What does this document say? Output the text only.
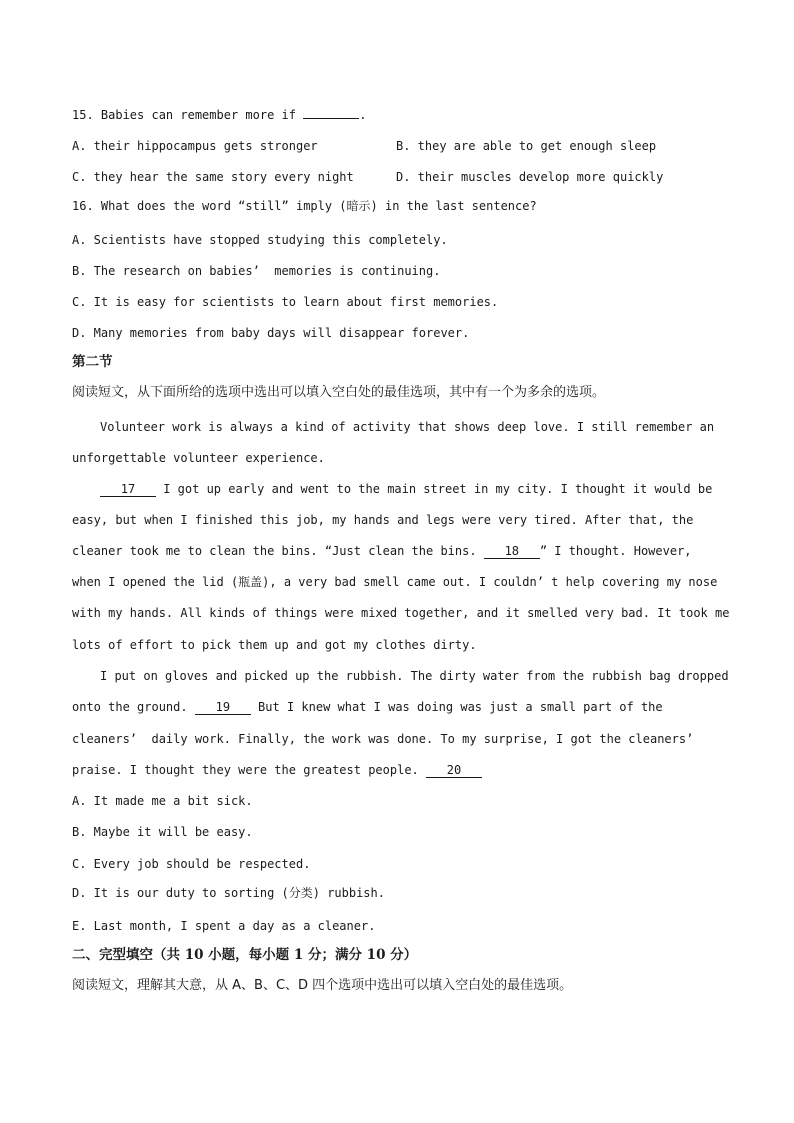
15. Babies can remember more if	.
A. their hippocampus gets stronger	B. they are able to get enough sleep
C. they hear the same story every night	D. their muscles develop more quickly
16. What does the word “still” imply (暗示) in the last sentence?
A. Scientists have stopped studying this completely.
B. The research on babies’  memories is continuing.
C. It is easy for scientists to learn about first memories.
D. Many memories from baby days will disappear forever.
第二节
阅读短文，从下面所给的选项中选出可以填入空白处的最佳选项，其中有一个为多余的选项。
Volunteer work is always a kind of activity that shows deep love. I still remember an
unforgettable volunteer experience.
17 I got up early and went to the main street in my city. I thought it would be
easy, but when I finished this job, my hands and legs were very tired. After that, the
cleaner took me to clean the bins. “Just clean the bins. 18 ” I thought. However,
when I opened the lid (瓶盖), a very bad smell came out. I couldn’ t help covering my nose
with my hands. All kinds of things were mixed together, and it smelled very bad. It took me
lots of effort to pick them up and got my clothes dirty.
I put on gloves and picked up the rubbish. The dirty water from the rubbish bag dropped
onto the ground. 19 But I knew what I was doing was just a small part of the
cleaners’  daily work. Finally, the work was done. To my surprise, I got the cleaners’
praise. I thought they were the greatest people. 20
A. It made me a bit sick.
B. Maybe it will be easy.
C. Every job should be respected.
D. It is our duty to sorting (分类) rubbish.
E. Last month, I spent a day as a cleaner.
二、完型填空（共 10 小题，每小题 1 分；满分 10 分）
阅读短文，理解其大意，从 A、B、C、D 四个选项中选出可以填入空白处的最佳选项。
